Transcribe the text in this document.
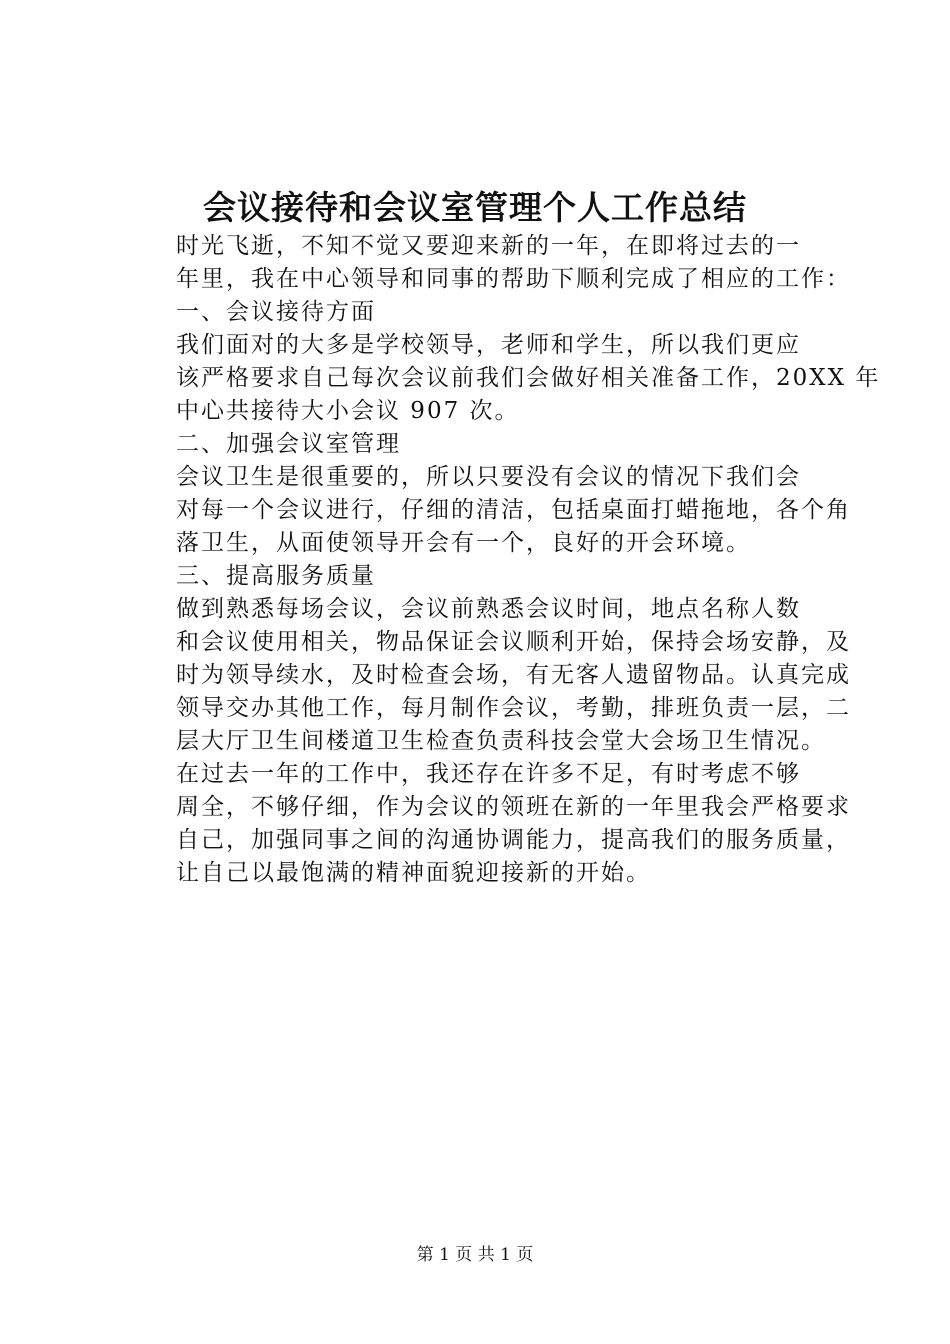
会议接待和会议室管理个人工作总结

时光飞逝，不知不觉又要迎来新的一年，在即将过去的一
年里，我在中心领导和同事的帮助下顺利完成了相应的工作：

一、会议接待方面

我们面对的大多是学校领导，老师和学生，所以我们更应
该严格要求自己每次会议前我们会做好相关准备工作，20XX 年
中心共接待大小会议 907 次。

二、加强会议室管理

会议卫生是很重要的，所以只要没有会议的情况下我们会
对每一个会议进行，仔细的清洁，包括桌面打蜡拖地，各个角
落卫生，从面使领导开会有一个，良好的开会环境。

三、提高服务质量

做到熟悉每场会议，会议前熟悉会议时间，地点名称人数
和会议使用相关，物品保证会议顺利开始，保持会场安静，及
时为领导续水，及时检查会场，有无客人遗留物品。认真完成
领导交办其他工作，每月制作会议，考勤，排班负责一层，二
层大厅卫生间楼道卫生检查负责科技会堂大会场卫生情况。

在过去一年的工作中，我还存在许多不足，有时考虑不够
周全，不够仔细，作为会议的领班在新的一年里我会严格要求
自己，加强同事之间的沟通协调能力，提高我们的服务质量，
让自己以最饱满的精神面貌迎接新的开始。

第 1 页 共 1 页
